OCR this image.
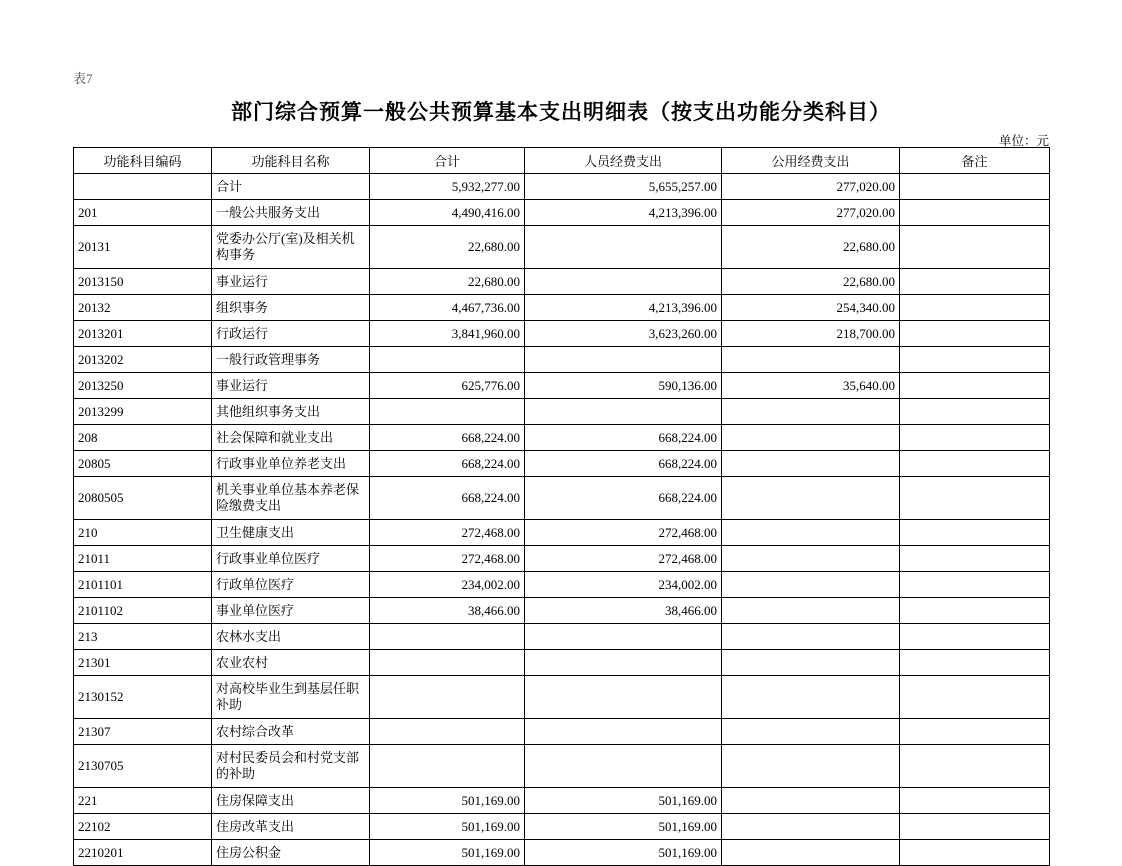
表7
部门综合预算一般公共预算基本支出明细表（按支出功能分类科目）
单位：元
功能科目编码	功能科目名称	合计	人员经费支出	公用经费支出	备注
	合计	5,932,277.00	5,655,257.00	277,020.00	
201	一般公共服务支出	4,490,416.00	4,213,396.00	277,020.00	
20131	党委办公厅(室)及相关机构事务	22,680.00		22,680.00	
2013150	事业运行	22,680.00		22,680.00	
20132	组织事务	4,467,736.00	4,213,396.00	254,340.00	
2013201	行政运行	3,841,960.00	3,623,260.00	218,700.00	
2013202	一般行政管理事务				
2013250	事业运行	625,776.00	590,136.00	35,640.00	
2013299	其他组织事务支出				
208	社会保障和就业支出	668,224.00	668,224.00		
20805	行政事业单位养老支出	668,224.00	668,224.00		
2080505	机关事业单位基本养老保险缴费支出	668,224.00	668,224.00		
210	卫生健康支出	272,468.00	272,468.00		
21011	行政事业单位医疗	272,468.00	272,468.00		
2101101	行政单位医疗	234,002.00	234,002.00		
2101102	事业单位医疗	38,466.00	38,466.00		
213	农林水支出				
21301	农业农村				
2130152	对高校毕业生到基层任职补助				
21307	农村综合改革				
2130705	对村民委员会和村党支部的补助				
221	住房保障支出	501,169.00	501,169.00		
22102	住房改革支出	501,169.00	501,169.00		
2210201	住房公积金	501,169.00	501,169.00		
